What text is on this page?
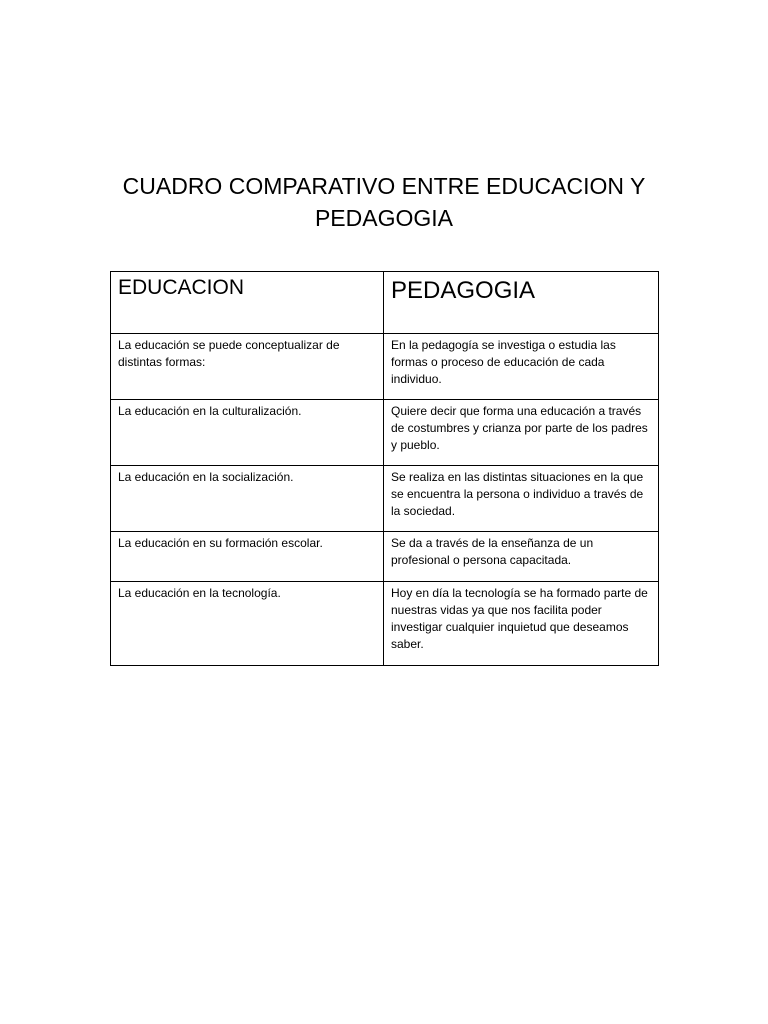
CUADRO COMPARATIVO ENTRE EDUCACION Y PEDAGOGIA
EDUCACION	PEDAGOGIA
La educación se puede conceptualizar de distintas formas:	En la pedagogía se investiga o estudia las formas o proceso de educación de cada individuo.
La educación en la culturalización.	Quiere decir que forma una educación a través de costumbres y crianza por parte de los padres y pueblo.
La educación en la socialización.	Se realiza en las distintas situaciones en la que se encuentra la persona o individuo a través de la sociedad.
La educación en su formación escolar.	Se da a través de la enseñanza de un profesional o persona capacitada.
La educación en la tecnología.	Hoy en día la tecnología se ha formado parte de nuestras vidas ya que nos facilita poder investigar cualquier inquietud que deseamos saber.
